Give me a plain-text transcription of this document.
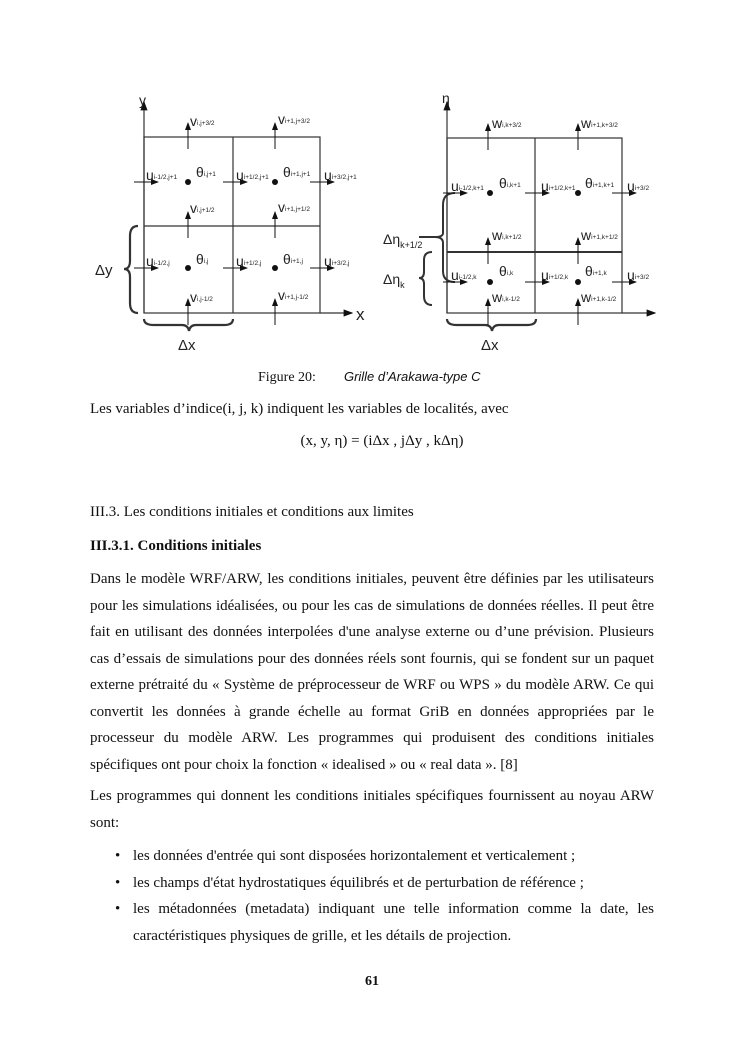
vi,j+3/2	vi+1,j+3/2
ui-1/2,j+1 θi,j+1 ui+1/2,j+1 θi+1,j+1 ui+3/2,j+1
vi,j+1/2	vi+1,j+1/2
ui-1/2,j θi,j ui+1/2,j θi+1,j ui+3/2,j
vi,j-1/2	vi+1,j-1/2
wi,k+3/2	wi+1,k+3/2
ui-1/2,k+1 θi,k+1 ui+1/2,k+1 θi+1,k+1 ui+3/2
wi,k+1/2	wi+1,k+1/2
ui-1/2,k θi,k ui+1/2,k θi+1,k ui+3/2
wi,k-1/2	wi+1,k-1/2
y
x
Δy
Δx
η
$\Delta\eta_{k+1/2}$
$\Delta\eta_k$
Δx
Figure 20: Grille d’Arakawa-type C
Les variables d’indice(i, j, k) indiquent les variables de localités, avec
(x, y, η) = (iΔx , jΔy , kΔη)
III.3. Les conditions initiales et conditions aux limites
III.3.1. Conditions initiales
Dans le modèle WRF/ARW, les conditions initiales, peuvent être définies par les utilisateurs
pour les simulations idéalisées, ou pour les cas de simulations de données réelles. Il peut être
fait en utilisant des données interpolées d'une analyse externe ou d’une prévision. Plusieurs
cas d’essais de simulations pour des données réels sont fournis, qui se fondent sur un paquet
externe prétraité du « Système de préprocesseur de WRF ou WPS » du modèle ARW. Ce qui
convertit les données à grande échelle au format GriB en données appropriées par le
processeur du modèle ARW. Les programmes qui produisent des conditions initiales
spécifiques ont pour choix la fonction « idealised » ou « real data ». [8]
Les programmes qui donnent les conditions initiales spécifiques fournissent au noyau ARW
sont:
• les données d'entrée qui sont disposées horizontalement et verticalement ;
• les champs d'état hydrostatiques équilibrés et de perturbation de référence ;
• les métadonnées (metadata) indiquant une telle information comme la date, les
caractéristiques physiques de grille, et les détails de projection.
61
